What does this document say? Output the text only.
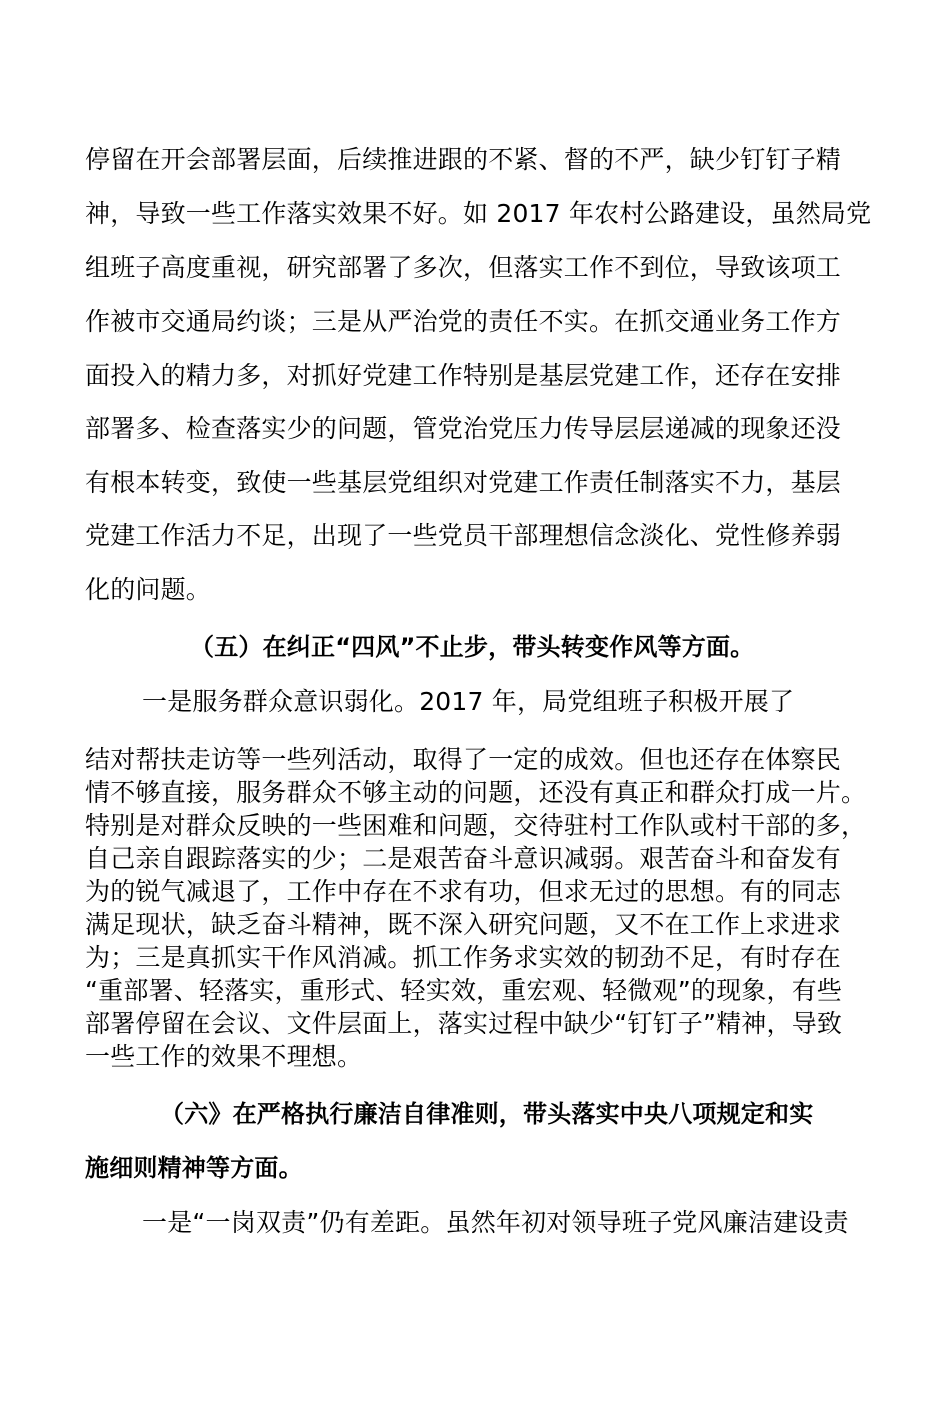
停留在开会部署层面，后续推进跟的不紧、督的不严，缺少钉钉子精
神，导致一些工作落实效果不好。如 2017 年农村公路建设，虽然局党
组班子高度重视，研究部署了多次，但落实工作不到位，导致该项工
作被市交通局约谈；三是从严治党的责任不实。在抓交通业务工作方
面投入的精力多，对抓好党建工作特别是基层党建工作，还存在安排
部署多、检查落实少的问题，管党治党压力传导层层递减的现象还没
有根本转变，致使一些基层党组织对党建工作责任制落实不力，基层
党建工作活力不足，出现了一些党员干部理想信念淡化、党性修养弱
化的问题。
（五）在纠正“四风”不止步，带头转变作风等方面。
一是服务群众意识弱化。2017 年，局党组班子积极开展了
结对帮扶走访等一些列活动，取得了一定的成效。但也还存在体察民
情不够直接，服务群众不够主动的问题，还没有真正和群众打成一片。
特别是对群众反映的一些困难和问题，交待驻村工作队或村干部的多，
自己亲自跟踪落实的少；二是艰苦奋斗意识减弱。艰苦奋斗和奋发有
为的锐气减退了，工作中存在不求有功，但求无过的思想。有的同志
满足现状，缺乏奋斗精神，既不深入研究问题，又不在工作上求进求
为；三是真抓实干作风消减。抓工作务求实效的韧劲不足，有时存在
“重部署、轻落实，重形式、轻实效，重宏观、轻微观”的现象，有些
部署停留在会议、文件层面上，落实过程中缺少“钉钉子”精神，导致
一些工作的效果不理想。
（六》在严格执行廉洁自律准则，带头落实中央八项规定和实
施细则精神等方面。
一是“一岗双责”仍有差距。虽然年初对领导班子党风廉洁建设责
